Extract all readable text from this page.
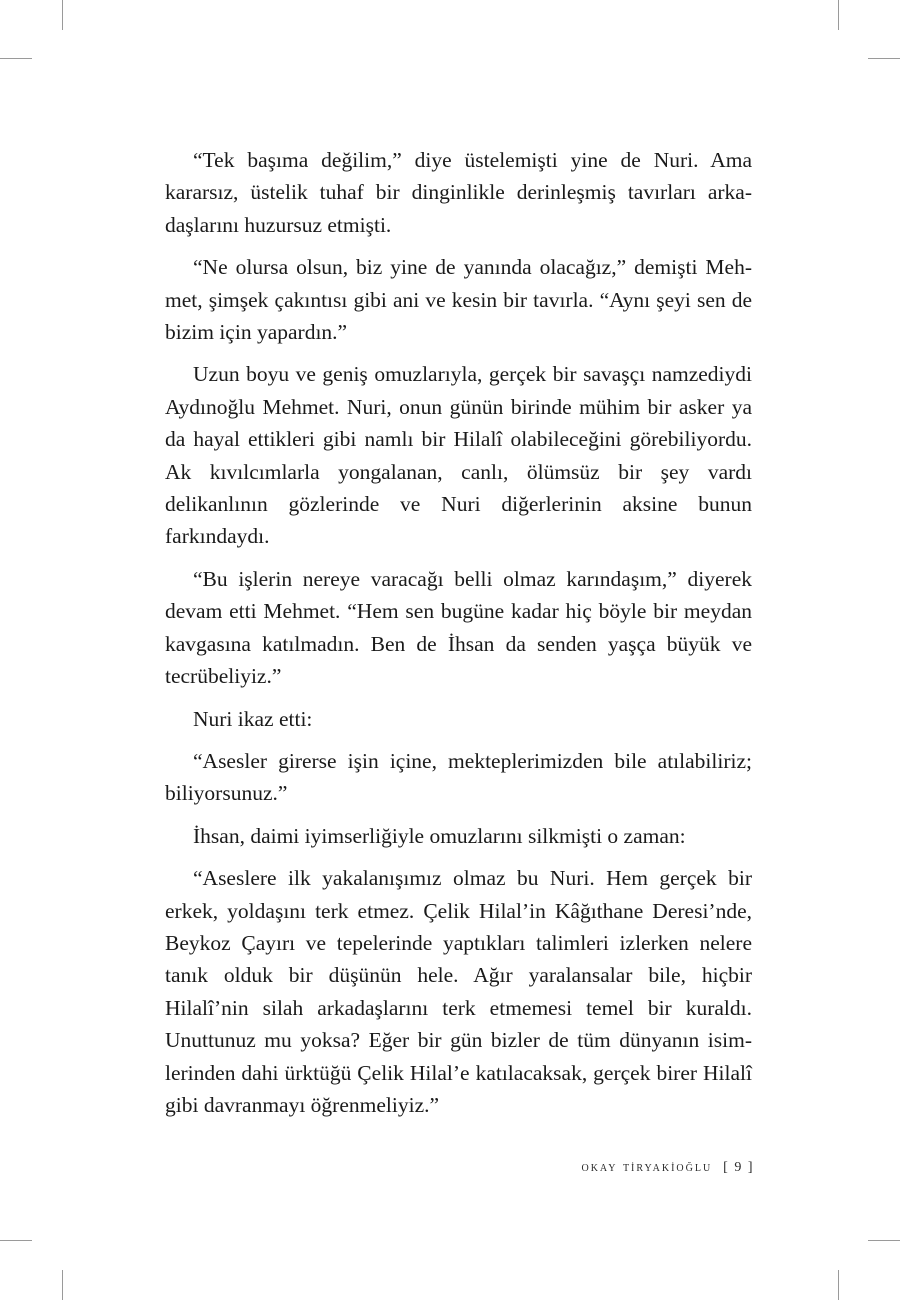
“Tek başıma değilim,” diye üstelemişti yine de Nuri. Ama kararsız, üstelik tuhaf bir dinginlikle derinleşmiş tavırları arkadaşlarını huzursuz etmişti.

“Ne olursa olsun, biz yine de yanında olacağız,” demişti Mehmet, şimşek çakıntısı gibi ani ve kesin bir tavırla. “Aynı şeyi sen de bizim için yapardın.”

Uzun boyu ve geniş omuzlarıyla, gerçek bir savaşçı namzediydi Aydınoğlu Mehmet. Nuri, onun günün birinde mühim bir asker ya da hayal ettikleri gibi namlı bir Hilalî olabileceğini görebiliyordu. Ak kıvılcımlarla yongalanan, canlı, ölümsüz bir şey vardı delikanlının gözlerinde ve Nuri diğerlerinin aksine bunun farkındaydı.

“Bu işlerin nereye varacağı belli olmaz karındaşım,” diyerek devam etti Mehmet. “Hem sen bugüne kadar hiç böyle bir meydan kavgasına katılmadın. Ben de İhsan da senden yaşça büyük ve tecrübeliyiz.”

Nuri ikaz etti:

“Asesler girerse işin içine, mekteplerimizden bile atılabiliriz; biliyorsunuz.”

İhsan, daimi iyimserliğiyle omuzlarını silkmişti o zaman:

“Aseslere ilk yakalanışımız olmaz bu Nuri. Hem gerçek bir erkek, yoldaşını terk etmez. Çelik Hilal’in Kâğıthane Deresi’nde, Beykoz Çayırı ve tepelerinde yaptıkları talimleri izlerken nelere tanık olduk bir düşünün hele. Ağır yaralansalar bile, hiçbir Hilalî’nin silah arkadaşlarını terk etmemesi temel bir kuraldı. Unuttunuz mu yoksa? Eğer bir gün bizler de tüm dünyanın isimlerinden dahi ürktüğü Çelik Hilal’e katılacaksak, gerçek birer Hilalî gibi davranmayı öğrenmeliyiz.”

okay ti̇ryaki̇oğlu [ 9 ]
